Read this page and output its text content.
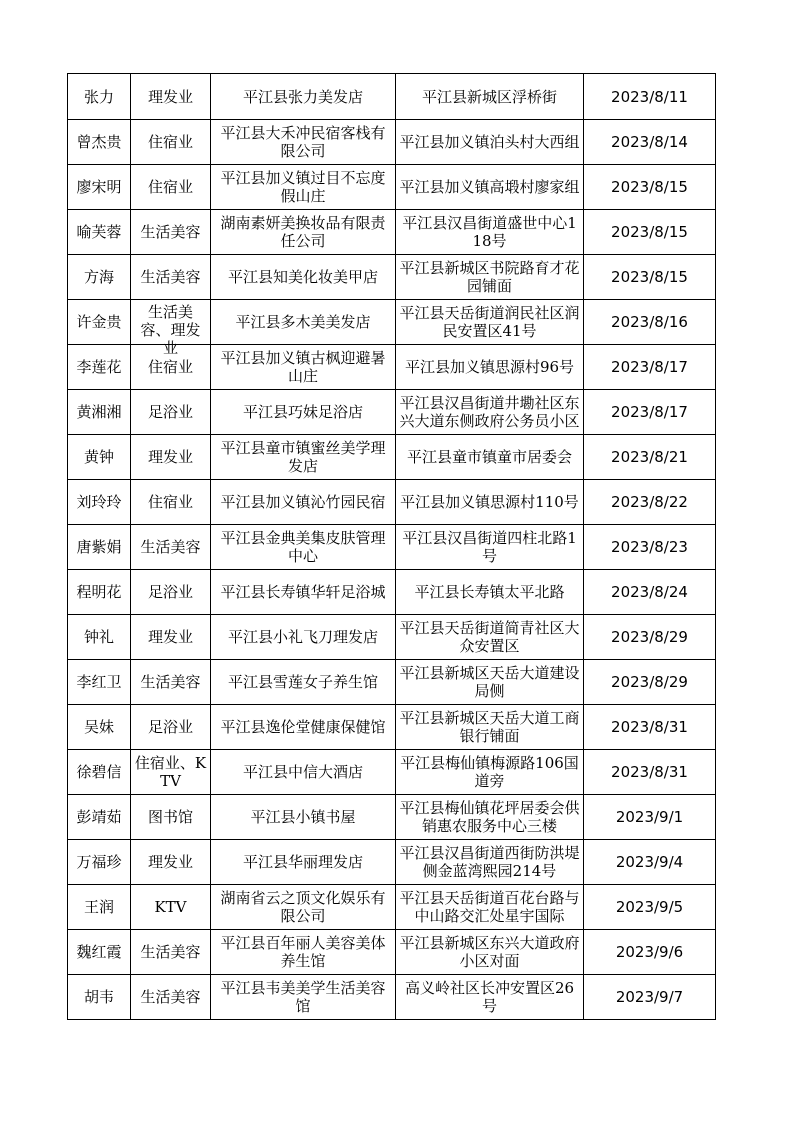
张力	理发业	平江县张力美发店	平江县新城区浮桥街	2023/8/11

曾杰贵	住宿业	平江县大禾冲民宿客栈有限公司	平江县加义镇泊头村大西组	2023/8/14

廖宋明	住宿业	平江县加义镇过目不忘度假山庄	平江县加义镇高塅村廖家组	2023/8/15

喻芙蓉	生活美容	湖南素妍美换妆品有限责任公司	平江县汉昌街道盛世中心118号	2023/8/15

方海	生活美容	平江县知美化妆美甲店	平江县新城区书院路育才花园铺面	2023/8/15

许金贵	生活美容、理发业	平江县多木美美发店	平江县天岳街道润民社区润民安置区41号	2023/8/16

李莲花	住宿业	平江县加义镇古枫迎避暑山庄	平江县加义镇思源村96号	2023/8/17

黄湘湘	足浴业	平江县巧妹足浴店	平江县汉昌街道井墈社区东兴大道东侧政府公务员小区	2023/8/17

黄钟	理发业	平江县童市镇蜜丝美学理发店	平江县童市镇童市居委会	2023/8/21

刘玲玲	住宿业	平江县加义镇沁竹园民宿	平江县加义镇思源村110号	2023/8/22

唐紫娟	生活美容	平江县金典美集皮肤管理中心	平江县汉昌街道四柱北路1号	2023/8/23

程明花	足浴业	平江县长寿镇华轩足浴城	平江县长寿镇太平北路	2023/8/24

钟礼	理发业	平江县小礼飞刀理发店	平江县天岳街道简青社区大众安置区	2023/8/29

李红卫	生活美容	平江县雪莲女子养生馆	平江县新城区天岳大道建设局侧	2023/8/29

吴妹	足浴业	平江县逸伦堂健康保健馆	平江县新城区天岳大道工商银行铺面	2023/8/31

徐碧信	住宿业、KTV	平江县中信大酒店	平江县梅仙镇梅源路106国道旁	2023/8/31

彭靖茹	图书馆	平江县小镇书屋	平江县梅仙镇花坪居委会供销惠农服务中心三楼	2023/9/1

万福珍	理发业	平江县华丽理发店	平江县汉昌街道西街防洪堤侧金蓝湾熙园214号	2023/9/4

王润	KTV	湖南省云之顶文化娱乐有限公司	平江县天岳街道百花台路与中山路交汇处星宇国际	2023/9/5

魏红霞	生活美容	平江县百年丽人美容美体养生馆	平江县新城区东兴大道政府小区对面	2023/9/6

胡韦	生活美容	平江县韦美美学生活美容馆	高义岭社区长冲安置区26号	2023/9/7
